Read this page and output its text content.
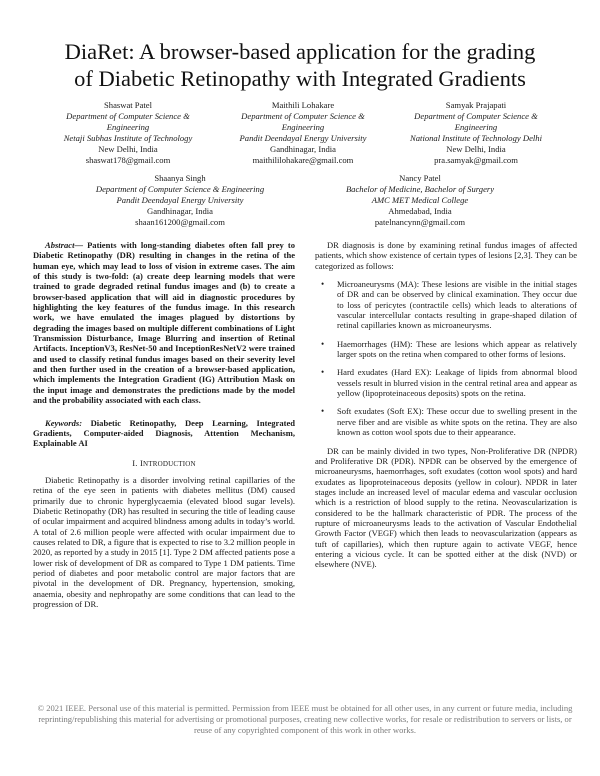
DiaRet: A browser-based application for the grading
of Diabetic Retinopathy with Integrated Gradients
Shaswat Patel
Department of Computer Science &
Engineering
Netaji Subhas Institute of Technology
New Delhi, India
shaswat178@gmail.com
Maithili Lohakare
Department of Computer Science &
Engineering
Pandit Deendayal Energy University
Gandhinagar, India
maithililohakare@gmail.com
Samyak Prajapati
Department of Computer Science &
Engineering
National Institute of Technology Delhi
New Delhi, India
pra.samyak@gmail.com
Shaanya Singh
Department of Computer Science & Engineering
Pandit Deendayal Energy University
Gandhinagar, India
shaan161200@gmail.com
Nancy Patel
Bachelor of Medicine, Bachelor of Surgery
AMC MET Medical College
Ahmedabad, India
patelnancynn@gmail.com

Abstract— Patients with long-standing diabetes often fall prey to Diabetic Retinopathy (DR) resulting in changes in the retina of the human eye, which may lead to loss of vision in extreme cases. The aim of this study is two-fold: (a) create deep learning models that were trained to grade degraded retinal fundus images and (b) to create a browser-based application that will aid in diagnostic procedures by highlighting the key features of the fundus image. In this research work, we have emulated the images plagued by distortions by degrading the images based on multiple different combinations of Light Transmission Disturbance, Image Blurring and insertion of Retinal Artifacts. InceptionV3, ResNet-50 and InceptionResNetV2 were trained and used to classify retinal fundus images based on their severity level and then further used in the creation of a browser-based application, which implements the Integration Gradient (IG) Attribution Mask on the input image and demonstrates the predictions made by the model and the probability associated with each class.

Keywords: Diabetic Retinopathy, Deep Learning, Integrated Gradients, Computer-aided Diagnosis, Attention Mechanism, Explainable AI

I. INTRODUCTION

Diabetic Retinopathy is a disorder involving retinal capillaries of the retina of the eye seen in patients with diabetes mellitus (DM) caused primarily due to chronic hyperglycaemia (elevated blood sugar levels). Diabetic Retinopathy (DR) has resulted in securing the title of leading cause of ocular impairment and acquired blindness among adults in today’s world. A total of 2.6 million people were affected with ocular impairment due to causes related to DR, a figure that is expected to rise to 3.2 million people in 2020, as reported by a study in 2015 [1]. Type 2 DM affected patients pose a lower risk of development of DR as compared to Type 1 DM patients. Time period of diabetes and poor metabolic control are major factors that are pivotal in the development of DR. Pregnancy, hypertension, smoking, anaemia, obesity and nephropathy are some conditions that can lead to the progression of DR.

DR diagnosis is done by examining retinal fundus images of affected patients, which show existence of certain types of lesions [2,3]. They can be categorized as follows:

• Microaneurysms (MA): These lesions are visible in the initial stages of DR and can be observed by clinical examination. They occur due to loss of pericytes (contractile cells) which leads to alterations of vascular intercellular contacts resulting in grape-shaped dilation of retinal capillaries known as microaneurysms.

• Haemorrhages (HM): These are lesions which appear as relatively larger spots on the retina when compared to other forms of lesions.

• Hard exudates (Hard EX): Leakage of lipids from abnormal blood vessels result in blurred vision in the central retinal area and appear as yellow (lipoproteinaceous deposits) spots on the retina.

• Soft exudates (Soft EX): These occur due to swelling present in the nerve fiber and are visible as white spots on the retina. They are also known as cotton wool spots due to their appearance.

DR can be mainly divided in two types, Non-Proliferative DR (NPDR) and Proliferative DR (PDR). NPDR can be observed by the emergence of microaneurysms, haemorrhages, soft exudates (cotton wool spots) and hard exudates as lipoproteinaceous deposits (yellow in colour). NPDR in later stages include an increased level of macular edema and vascular occlusion which is a restriction of blood supply to the retina. Neovascularization is considered to be the hallmark characteristic of PDR. The process of the rupture of microaneurysms leads to the activation of Vascular Endothelial Growth Factor (VEGF) which then leads to neovascularization (appears as tuft of capillaries), which then rupture again to activate VEGF, hence entering a vicious cycle. It can be spotted either at the disk (NVD) or elsewhere (NVE).

© 2021 IEEE. Personal use of this material is permitted. Permission from IEEE must be obtained for all other uses, in any current or future media, including reprinting/republishing this material for advertising or promotional purposes, creating new collective works, for resale or redistribution to servers or lists, or reuse of any copyrighted component of this work in other works.
